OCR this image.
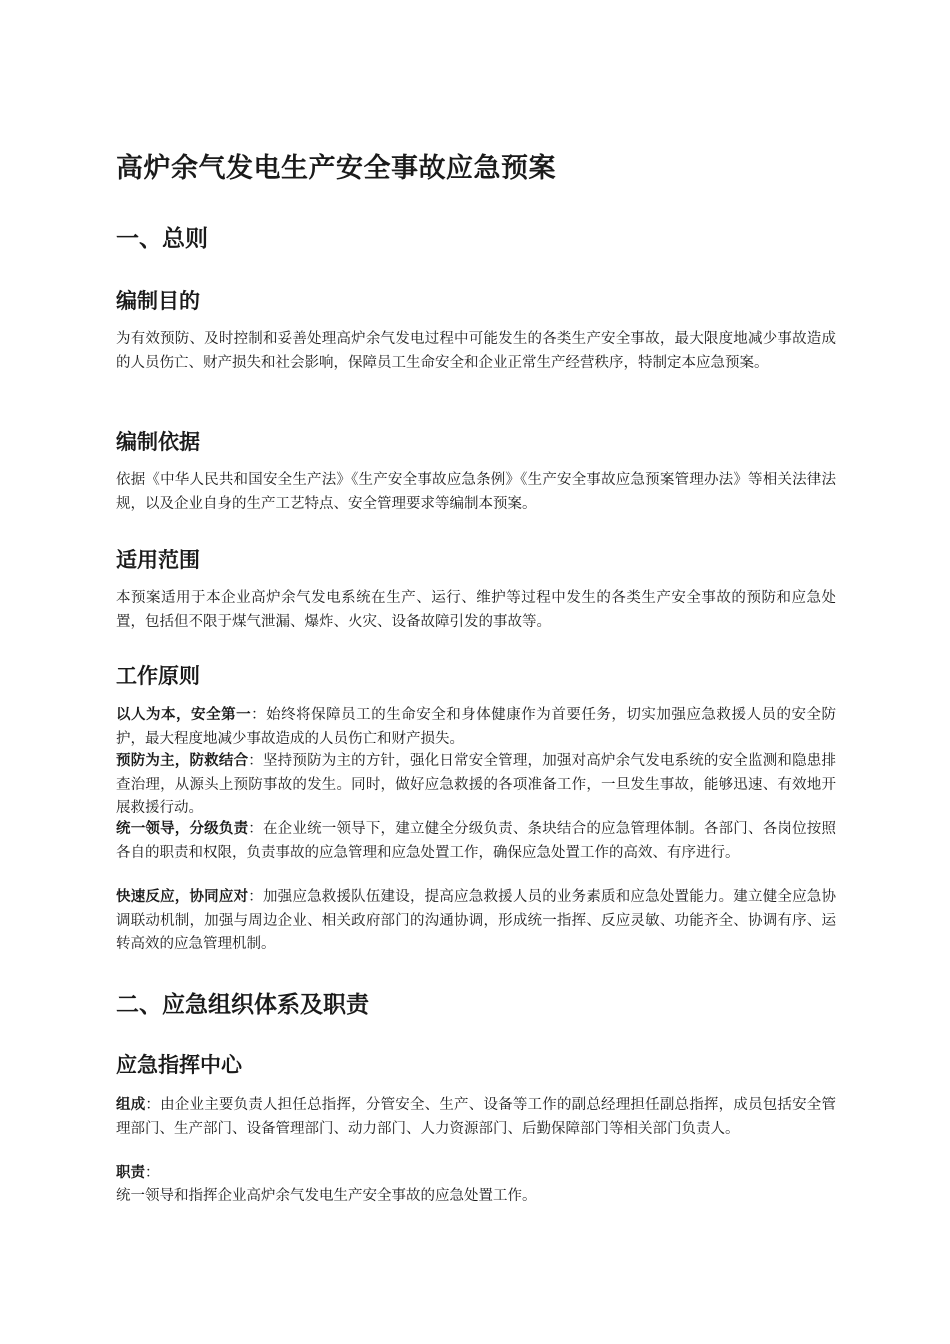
高炉余气发电生产安全事故应急预案
一、总则
编制目的

为有效预防、及时控制和妥善处理高炉余气发电过程中可能发生的各类生产安全事故，最大限度地减少事故造成的人员伤亡、财产损失和社会影响，保障员工生命安全和企业正常生产经营秩序，特制定本应急预案。

编制依据

依据《中华人民共和国安全生产法》《生产安全事故应急条例》《生产安全事故应急预案管理办法》等相关法律法规，以及企业自身的生产工艺特点、安全管理要求等编制本预案。

适用范围

本预案适用于本企业高炉余气发电系统在生产、运行、维护等过程中发生的各类生产安全事故的预防和应急处置，包括但不限于煤气泄漏、爆炸、火灾、设备故障引发的事故等。

工作原则

以人为本，安全第一：始终将保障员工的生命安全和身体健康作为首要任务，切实加强应急救援人员的安全防护，最大程度地减少事故造成的人员伤亡和财产损失。

预防为主，防救结合：坚持预防为主的方针，强化日常安全管理，加强对高炉余气发电系统的安全监测和隐患排查治理，从源头上预防事故的发生。同时，做好应急救援的各项准备工作，一旦发生事故，能够迅速、有效地开展救援行动。

统一领导，分级负责：在企业统一领导下，建立健全分级负责、条块结合的应急管理体制。各部门、各岗位按照各自的职责和权限，负责事故的应急管理和应急处置工作，确保应急处置工作的高效、有序进行。

快速反应，协同应对：加强应急救援队伍建设，提高应急救援人员的业务素质和应急处置能力。建立健全应急协调联动机制，加强与周边企业、相关政府部门的沟通协调，形成统一指挥、反应灵敏、功能齐全、协调有序、运转高效的应急管理机制。

二、应急组织体系及职责
应急指挥中心

组成：由企业主要负责人担任总指挥，分管安全、生产、设备等工作的副总经理担任副总指挥，成员包括安全管理部门、生产部门、设备管理部门、动力部门、人力资源部门、后勤保障部门等相关部门负责人。

职责：

统一领导和指挥企业高炉余气发电生产安全事故的应急处置工作。
